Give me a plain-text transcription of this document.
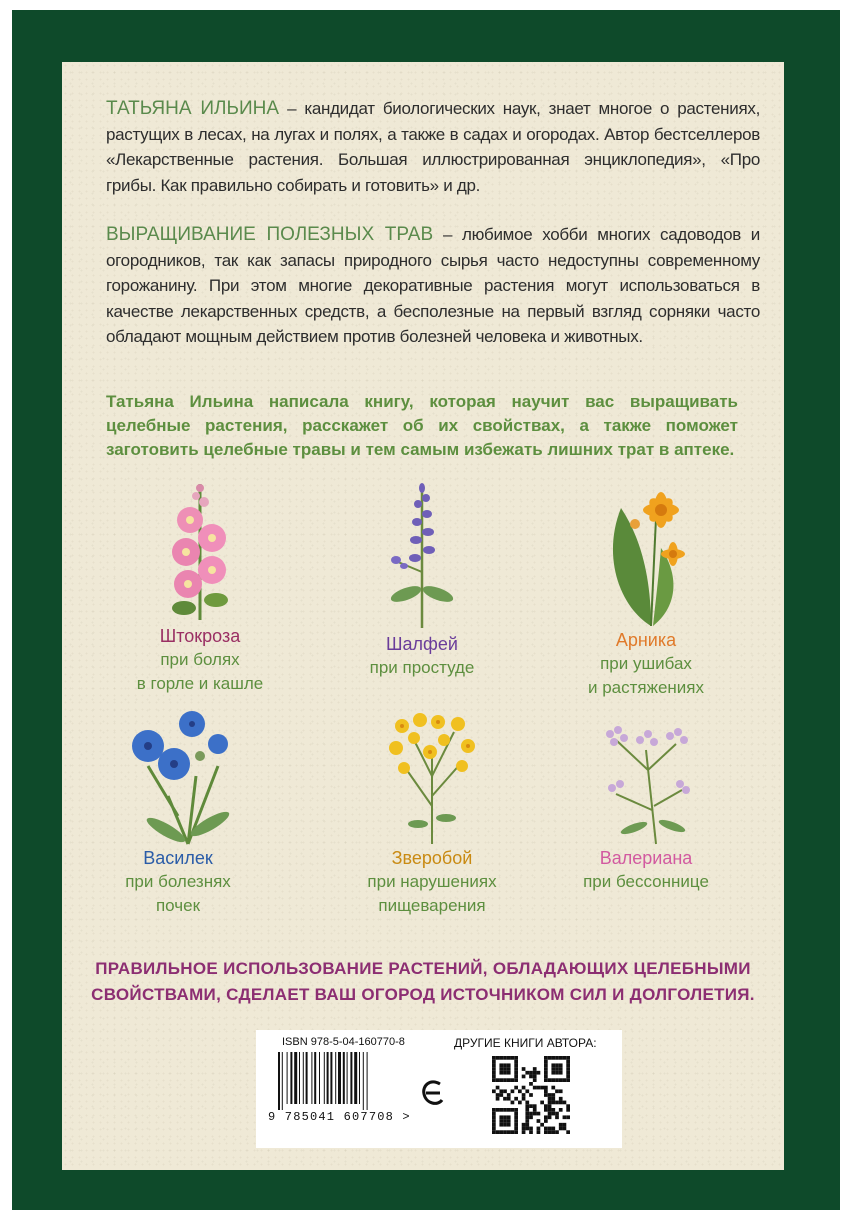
ТАТЬЯНА ИЛЬИНА – кандидат биологических наук, знает многое о растениях, растущих в лесах, на лугах и полях, а также в садах и огородах. Автор бестселлеров «Лекарственные растения. Большая иллюстрированная энциклопедия», «Про грибы. Как правильно собирать и готовить» и др.
ВЫРАЩИВАНИЕ ПОЛЕЗНЫХ ТРАВ – любимое хобби многих садоводов и огородников, так как запасы природного сырья часто недоступны современному горожанину. При этом многие декоративные растения могут использоваться в качестве лекарственных средств, а бесполезные на первый взгляд сорняки часто обладают мощным действием против болезней человека и животных.
Татьяна Ильина написала книгу, которая научит вас выращивать целебные растения, расскажет об их свойствах, а также поможет заготовить целебные травы и тем самым избежать лишних трат в аптеке.
Штокроза
при болях
в горле и кашле
Шалфей
при простуде
Арника
при ушибах
и растяжениях
Василек
при болезнях
почек
Зверобой
при нарушениях
пищеварения
Валериана
при бессоннице
ПРАВИЛЬНОЕ ИСПОЛЬЗОВАНИЕ РАСТЕНИЙ, ОБЛАДАЮЩИХ ЦЕЛЕБНЫМИ
СВОЙСТВАМИ, СДЕЛАЕТ ВАШ ОГОРОД ИСТОЧНИКОМ СИЛ И ДОЛГОЛЕТИЯ.
ISBN 978-5-04-160770-8
9 785041 607708 >
ДРУГИЕ КНИГИ АВТОРА:
